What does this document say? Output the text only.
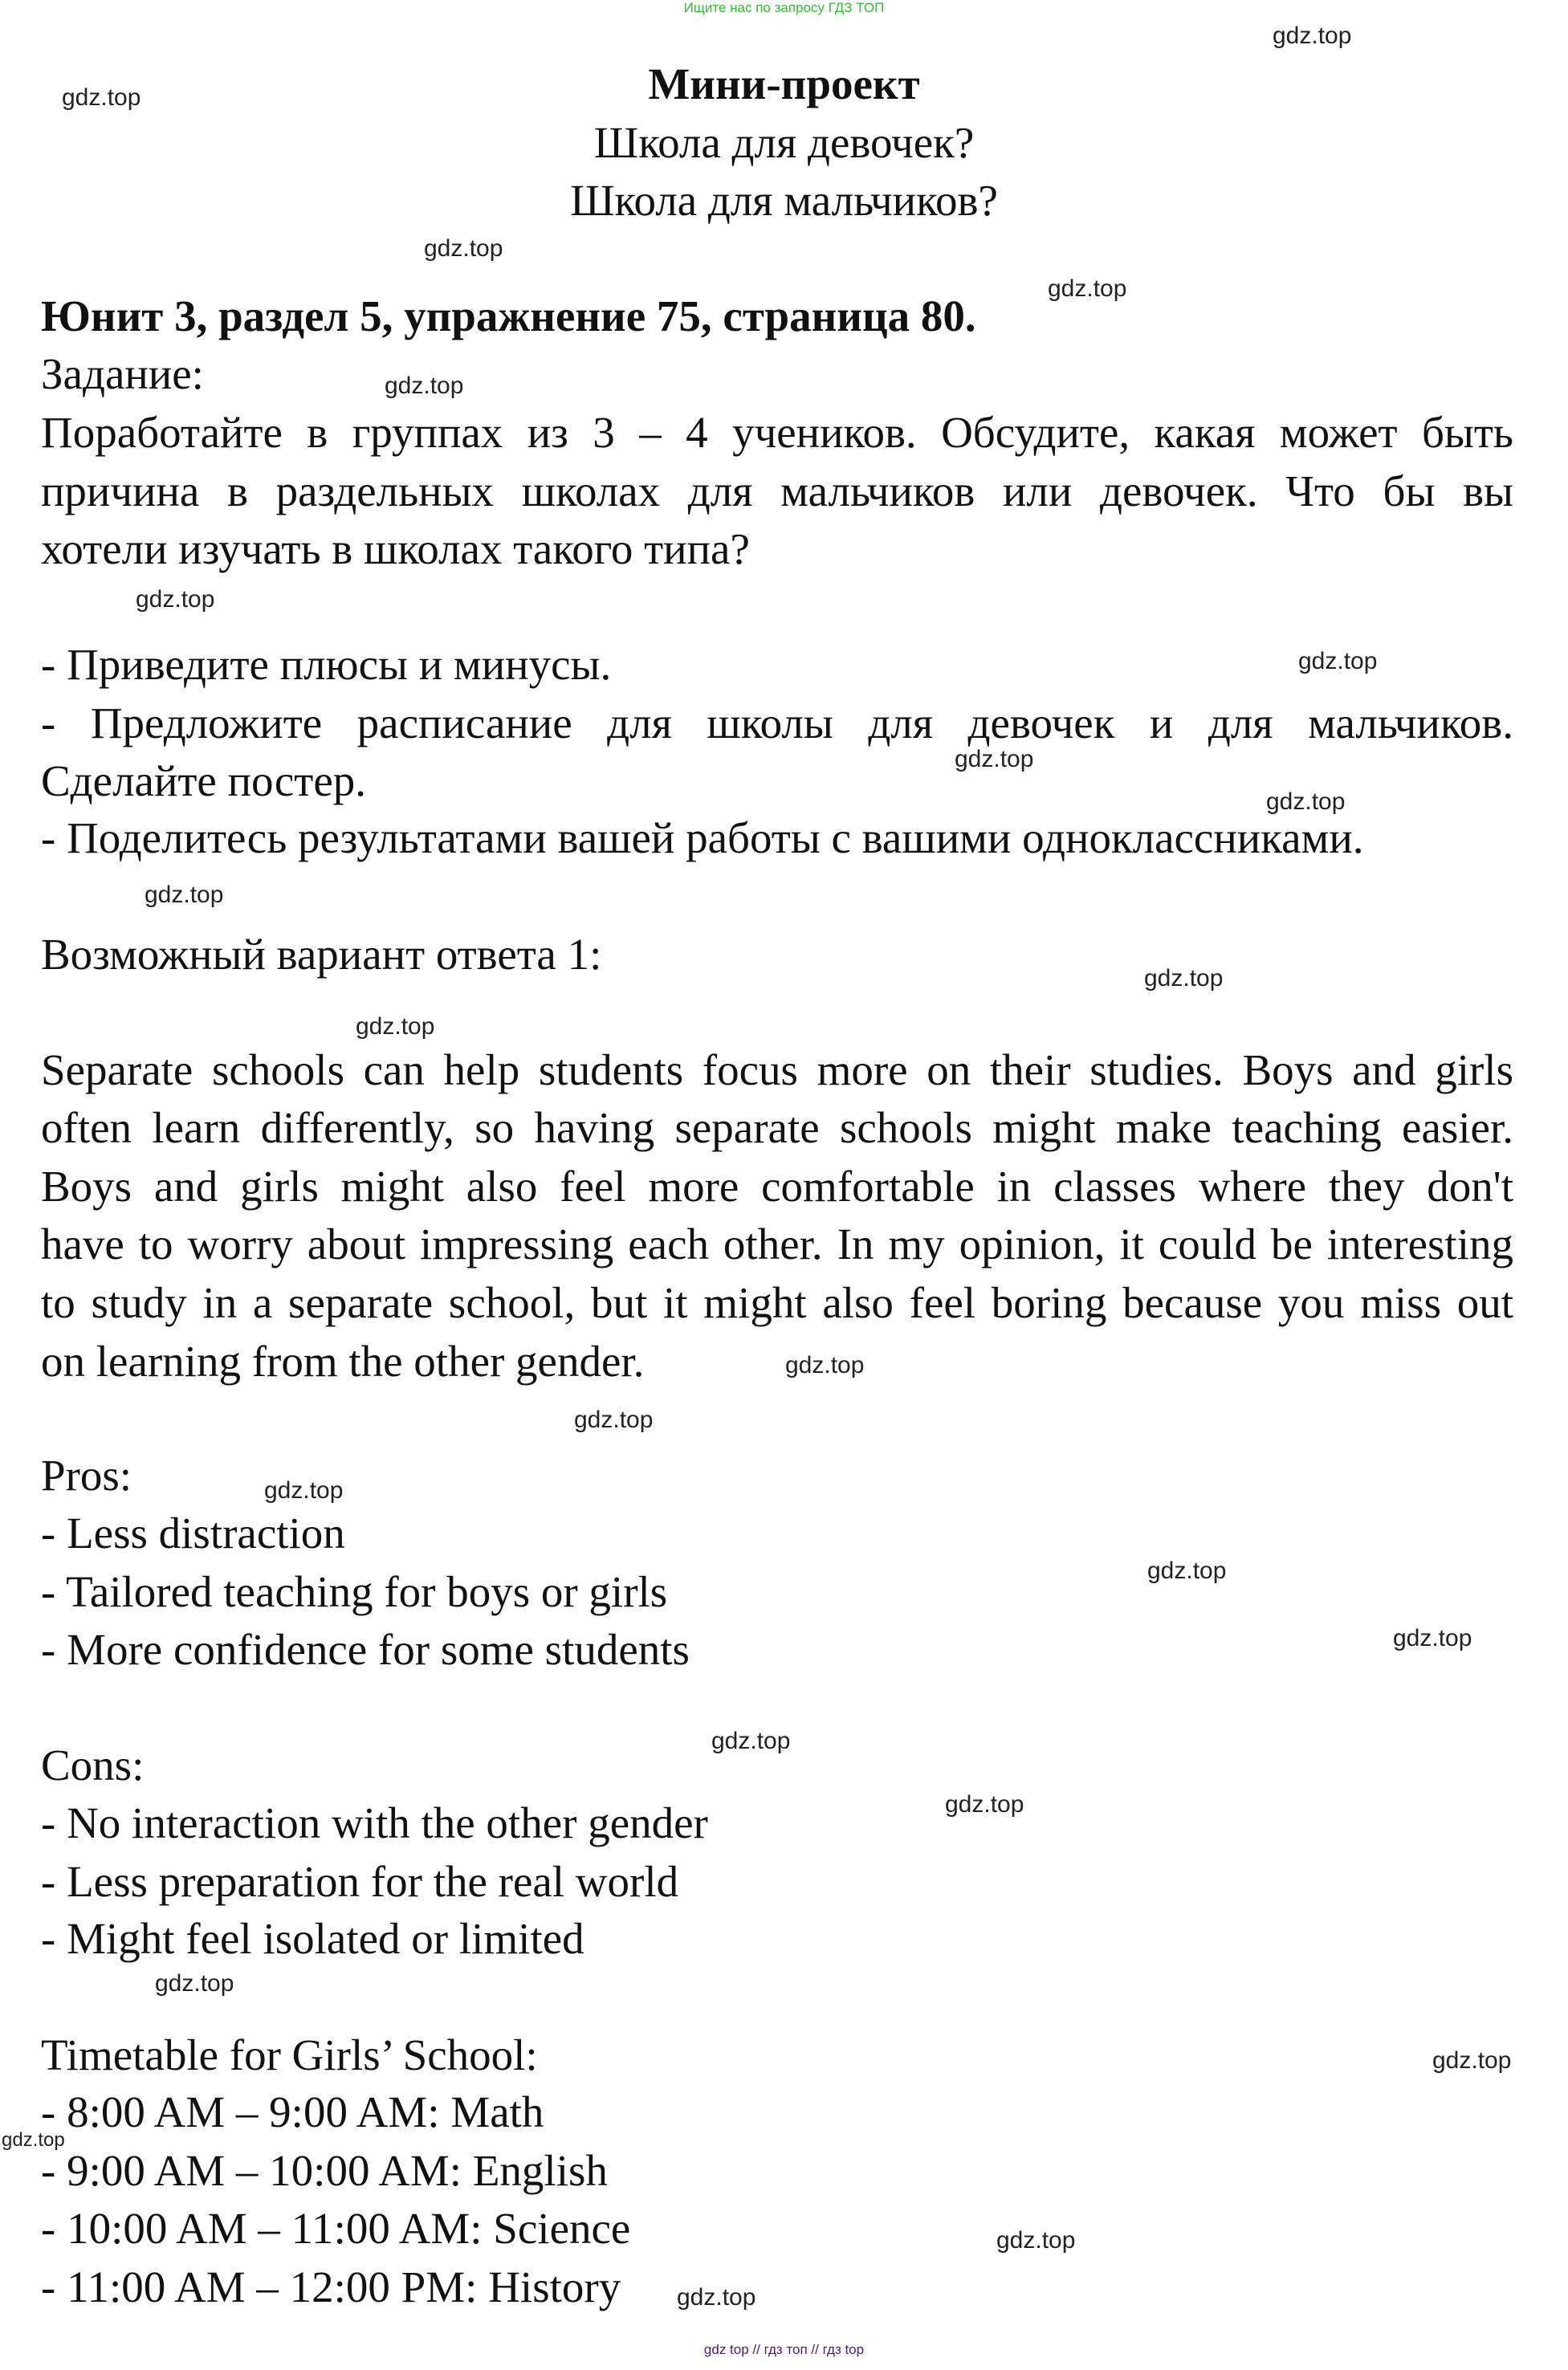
Ищите нас по запросу ГДЗ ТОП
Мини-проект
Школа для девочек?
Школа для мальчиков?
Юнит 3, раздел 5, упражнение 75, страница 80.
Задание:
Поработайте в группах из 3 – 4 учеников. Обсудите, какая может быть
причина в раздельных школах для мальчиков или девочек. Что бы вы
хотели изучать в школах такого типа?
- Приведите плюсы и минусы.
- Предложите расписание для школы для девочек и для мальчиков.
Сделайте постер.
- Поделитесь результатами вашей работы с вашими одноклассниками.
Возможный вариант ответа 1:
Separate schools can help students focus more on their studies. Boys and girls
often learn differently, so having separate schools might make teaching easier.
Boys and girls might also feel more comfortable in classes where they don't
have to worry about impressing each other. In my opinion, it could be interesting
to study in a separate school, but it might also feel boring because you miss out
on learning from the other gender.
Pros:
- Less distraction
- Tailored teaching for boys or girls
- More confidence for some students
Cons:
- No interaction with the other gender
- Less preparation for the real world
- Might feel isolated or limited
Timetable for Girls’ School:
- 8:00 AM – 9:00 AM: Math
- 9:00 AM – 10:00 AM: English
- 10:00 AM – 11:00 AM: Science
- 11:00 AM – 12:00 PM: History
gdz.top
gdz.top
gdz.top
gdz.top
gdz.top
gdz.top
gdz.top
gdz.top
gdz.top
gdz.top
gdz.top
gdz.top
gdz.top
gdz.top
gdz.top
gdz.top
gdz.top
gdz.top
gdz.top
gdz.top
gdz.top
gdz.top
gdz.top
gdz.top
gdz top // гдз топ // гдз top
